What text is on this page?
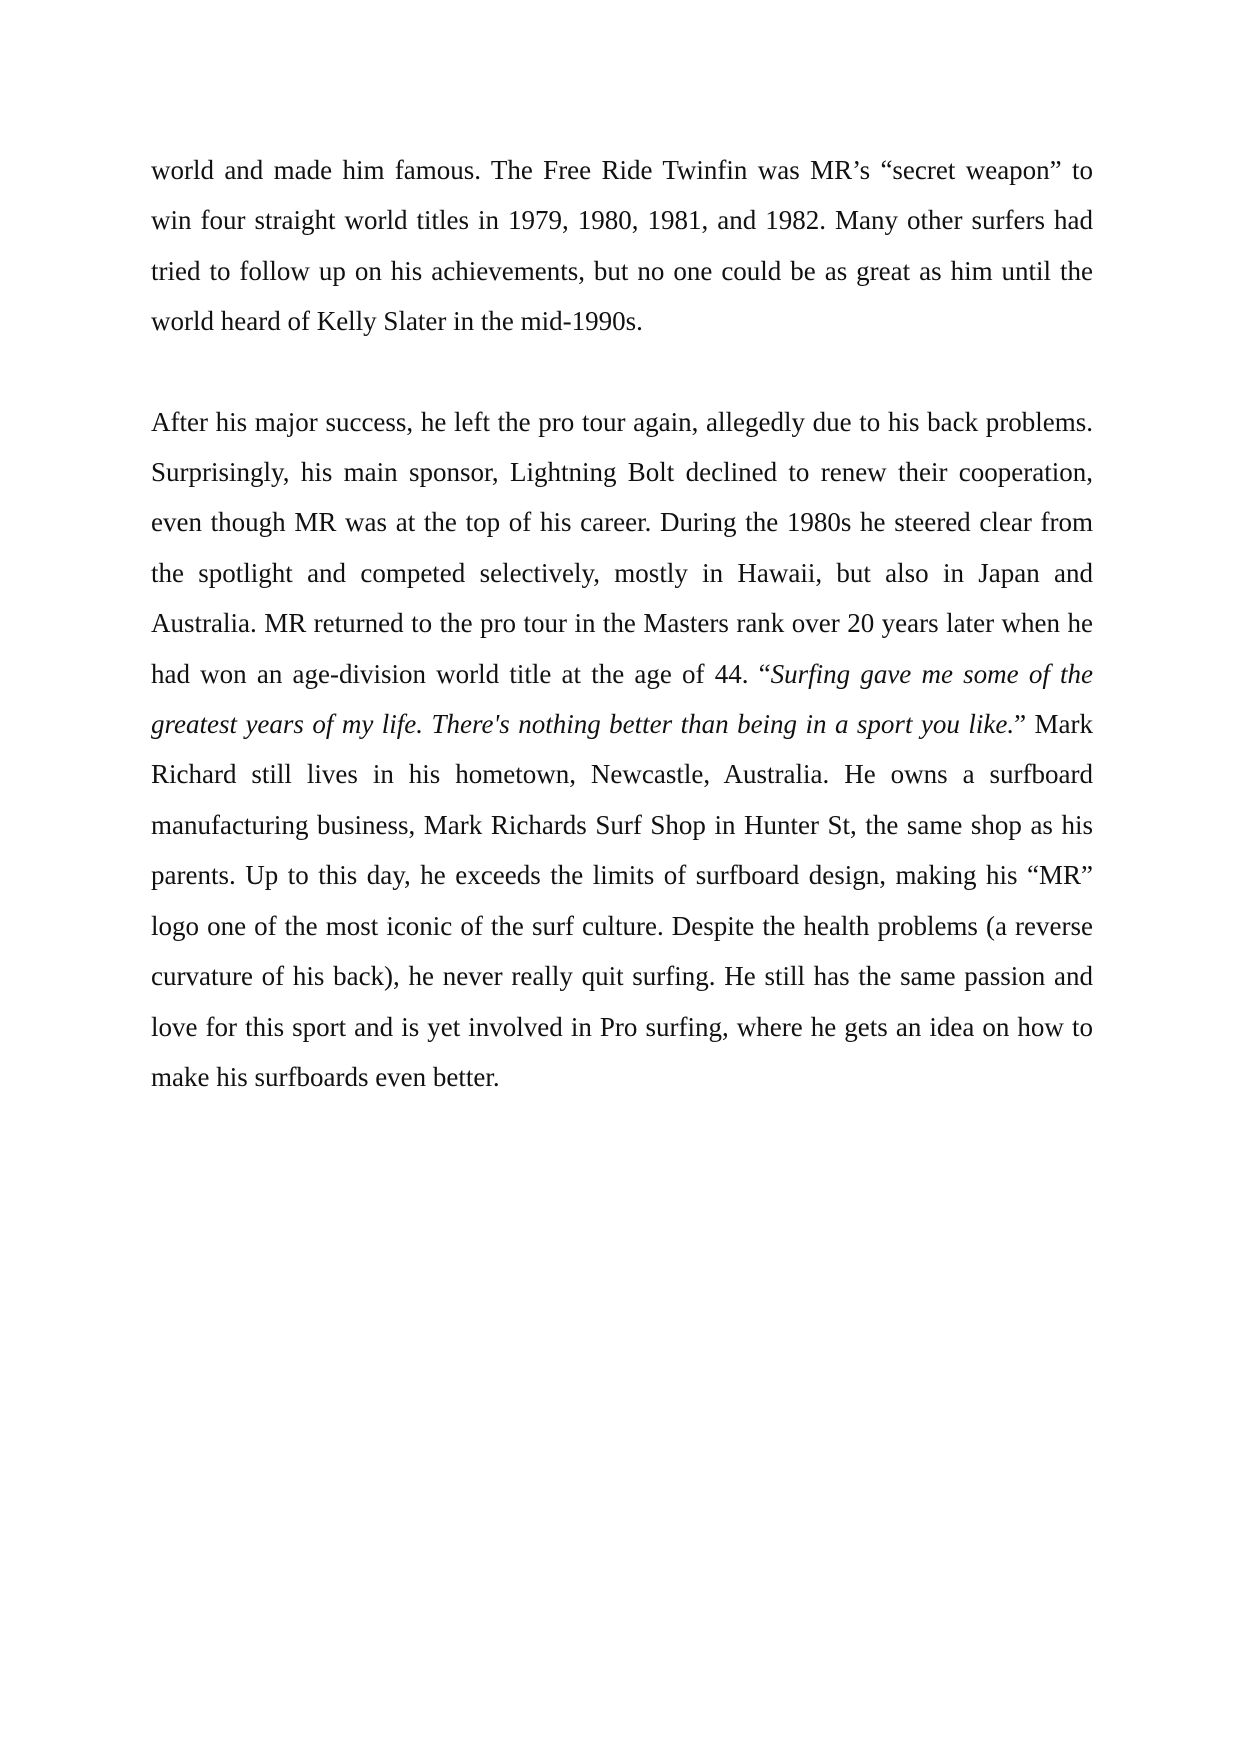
world and made him famous. The Free Ride Twinfin was MR’s “secret weapon” to win four straight world titles in 1979, 1980, 1981, and 1982. Many other surfers had tried to follow up on his achievements, but no one could be as great as him until the world heard of Kelly Slater in the mid-1990s.

After his major success, he left the pro tour again, allegedly due to his back problems. Surprisingly, his main sponsor, Lightning Bolt declined to renew their cooperation, even though MR was at the top of his career. During the 1980s he steered clear from the spotlight and competed selectively, mostly in Hawaii, but also in Japan and Australia. MR returned to the pro tour in the Masters rank over 20 years later when he had won an age-division world title at the age of 44. “Surfing gave me some of the greatest years of my life. There's nothing better than being in a sport you like.” Mark Richard still lives in his hometown, Newcastle, Australia. He owns a surfboard manufacturing business, Mark Richards Surf Shop in Hunter St, the same shop as his parents. Up to this day, he exceeds the limits of surfboard design, making his “MR” logo one of the most iconic of the surf culture. Despite the health problems (a reverse curvature of his back), he never really quit surfing. He still has the same passion and love for this sport and is yet involved in Pro surfing, where he gets an idea on how to make his surfboards even better.
